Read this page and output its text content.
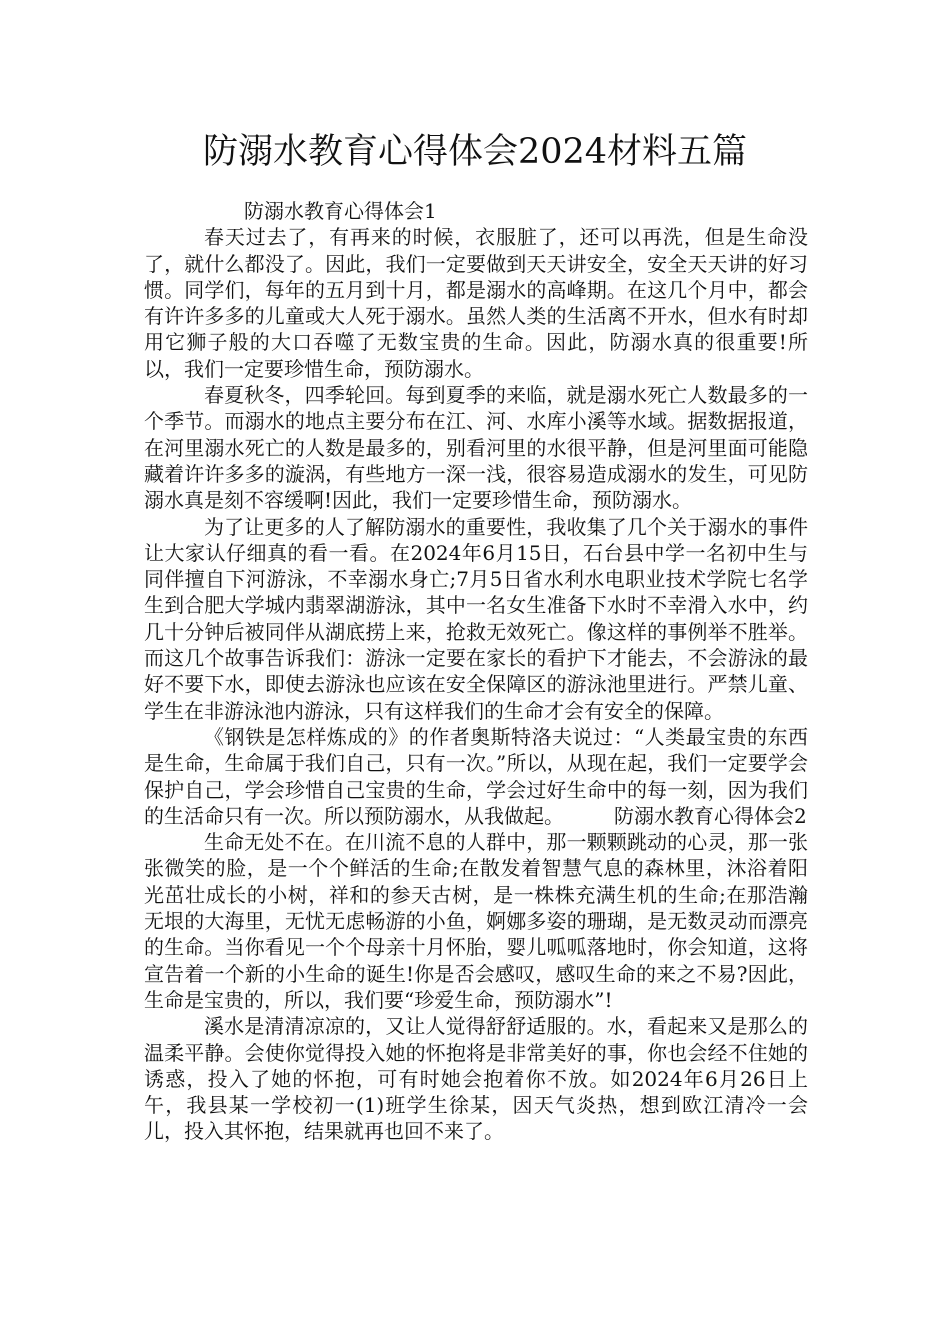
防溺水教育心得体会2024材料五篇
防溺水教育心得体会1

春天过去了，有再来的时候，衣服脏了，还可以再洗，但是生命没了，就什么都没了。因此，我们一定要做到天天讲安全，安全天天讲的好习惯。同学们，每年的五月到十月，都是溺水的高峰期。在这几个月中，都会有许许多多的儿童或大人死于溺水。虽然人类的生活离不开水，但水有时却用它狮子般的大口吞噬了无数宝贵的生命。因此，防溺水真的很重要!所以，我们一定要珍惜生命，预防溺水。

春夏秋冬，四季轮回。每到夏季的来临，就是溺水死亡人数最多的一个季节。而溺水的地点主要分布在江、河、水库小溪等水域。据数据报道，在河里溺水死亡的人数是最多的，别看河里的水很平静，但是河里面可能隐藏着许许多多的漩涡，有些地方一深一浅，很容易造成溺水的发生，可见防溺水真是刻不容缓啊!因此，我们一定要珍惜生命，预防溺水。

为了让更多的人了解防溺水的重要性，我收集了几个关于溺水的事件让大家认仔细真的看一看。在2024年6月15日，石台县中学一名初中生与同伴擅自下河游泳，不幸溺水身亡;7月5日省水利水电职业技术学院七名学生到合肥大学城内翡翠湖游泳，其中一名女生准备下水时不幸滑入水中，约几十分钟后被同伴从湖底捞上来，抢救无效死亡。像这样的事例举不胜举。而这几个故事告诉我们：游泳一定要在家长的看护下才能去，不会游泳的最好不要下水，即使去游泳也应该在安全保障区的游泳池里进行。严禁儿童、学生在非游泳池内游泳，只有这样我们的生命才会有安全的保障。

《钢铁是怎样炼成的》的作者奥斯特洛夫说过：“人类最宝贵的东西是生命，生命属于我们自己，只有一次。”所以，从现在起，我们一定要学会保护自己，学会珍惜自己宝贵的生命，学会过好生命中的每一刻，因为我们的生活命只有一次。所以预防溺水，从我做起。	防溺水教育心得体会2

生命无处不在。在川流不息的人群中，那一颗颗跳动的心灵，那一张张微笑的脸，是一个个鲜活的生命;在散发着智慧气息的森林里，沐浴着阳光茁壮成长的小树，祥和的参天古树，是一株株充满生机的生命;在那浩瀚无垠的大海里，无忧无虑畅游的小鱼，婀娜多姿的珊瑚，是无数灵动而漂亮的生命。当你看见一个个母亲十月怀胎，婴儿呱呱落地时，你会知道，这将宣告着一个新的小生命的诞生!你是否会感叹，感叹生命的来之不易?因此，生命是宝贵的，所以，我们要“珍爱生命，预防溺水”!

溪水是清清凉凉的，又让人觉得舒舒适服的。水，看起来又是那么的温柔平静。会使你觉得投入她的怀抱将是非常美好的事，你也会经不住她的诱惑，投入了她的怀抱，可有时她会抱着你不放。如2024年6月26日上午，我县某一学校初一(1)班学生徐某，因天气炎热，想到欧江清冷一会儿，投入其怀抱，结果就再也回不来了。
